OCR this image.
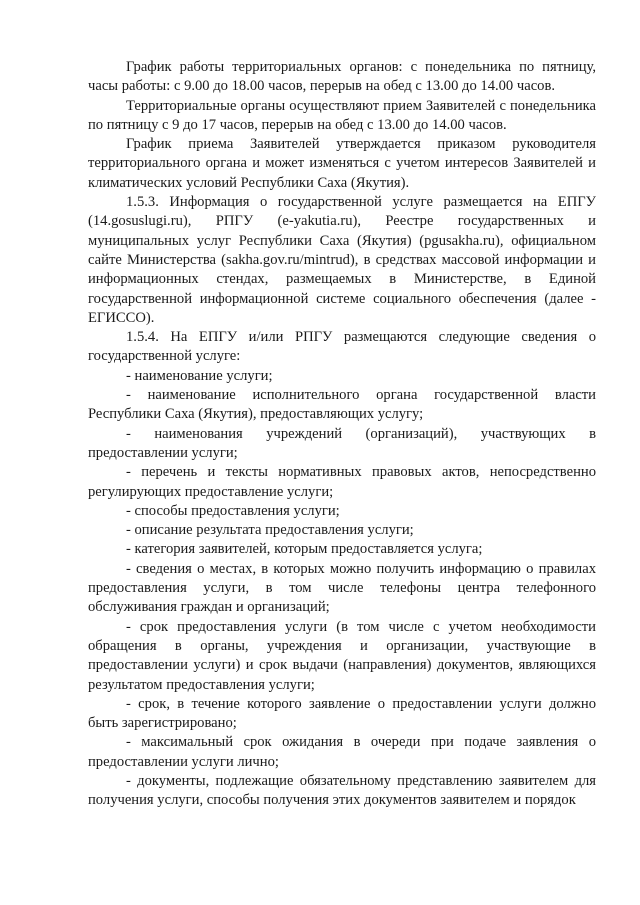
График работы территориальных органов: с понедельника по пятницу, часы работы: с 9.00 до 18.00 часов, перерыв на обед с 13.00 до 14.00 часов.

Территориальные органы осуществляют прием Заявителей с понедельника по пятницу с 9 до 17 часов, перерыв на обед с 13.00 до 14.00 часов.

График приема Заявителей утверждается приказом руководителя территориального органа и может изменяться с учетом интересов Заявителей и климатических условий Республики Саха (Якутия).

1.5.3. Информация о государственной услуге размещается на ЕПГУ (14.gosuslugi.ru), РПГУ (e-yakutia.ru), Реестре государственных и муниципальных услуг Республики Саха (Якутия) (pgusakha.ru), официальном сайте Министерства (sakha.gov.ru/mintrud), в средствах массовой информации и информационных стендах, размещаемых в Министерстве, в Единой государственной информационной системе социального обеспечения (далее - ЕГИССО).

1.5.4. На ЕПГУ и/или РПГУ размещаются следующие сведения о государственной услуге:

- наименование услуги;

- наименование исполнительного органа государственной власти Республики Саха (Якутия), предоставляющих услугу;

- наименования учреждений (организаций), участвующих в предоставлении услуги;

- перечень и тексты нормативных правовых актов, непосредственно регулирующих предоставление услуги;

- способы предоставления услуги;

- описание результата предоставления услуги;

- категория заявителей, которым предоставляется услуга;

- сведения о местах, в которых можно получить информацию о правилах предоставления услуги, в том числе телефоны центра телефонного обслуживания граждан и организаций;

- срок предоставления услуги (в том числе с учетом необходимости обращения в органы, учреждения и организации, участвующие в предоставлении услуги) и срок выдачи (направления) документов, являющихся результатом предоставления услуги;

- срок, в течение которого заявление о предоставлении услуги должно быть зарегистрировано;

- максимальный срок ожидания в очереди при подаче заявления о предоставлении услуги лично;

- документы, подлежащие обязательному представлению заявителем для получения услуги, способы получения этих документов заявителем и порядок
